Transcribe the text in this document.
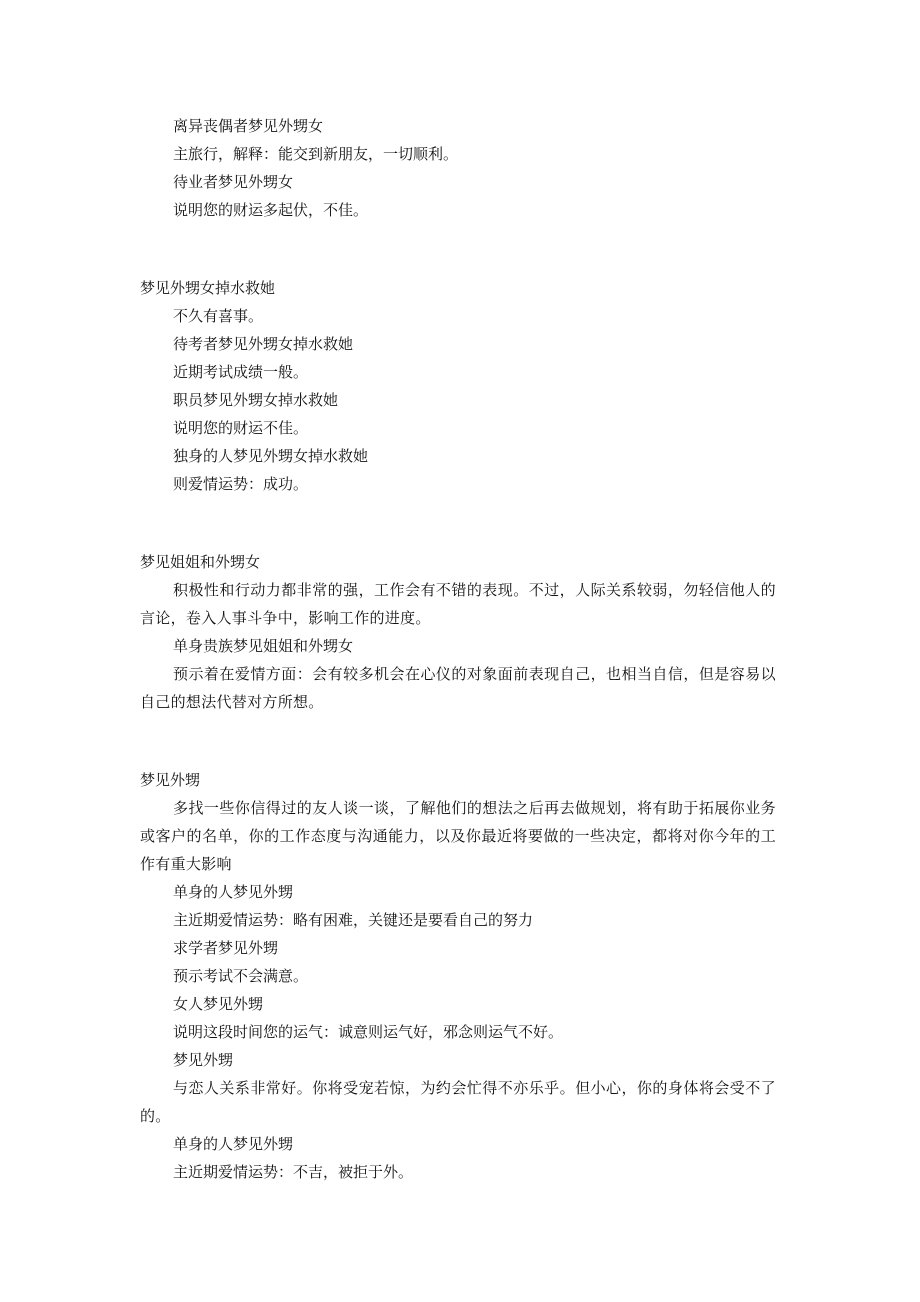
离异丧偶者梦见外甥女

主旅行，解释：能交到新朋友，一切顺利。

待业者梦见外甥女

说明您的财运多起伏，不佳。

梦见外甥女掉水救她

不久有喜事。

待考者梦见外甥女掉水救她

近期考试成绩一般。

职员梦见外甥女掉水救她

说明您的财运不佳。

独身的人梦见外甥女掉水救她

则爱情运势：成功。

梦见姐姐和外甥女

积极性和行动力都非常的强，工作会有不错的表现。不过，人际关系较弱，勿轻信他人的言论，卷入人事斗争中，影响工作的进度。

单身贵族梦见姐姐和外甥女

预示着在爱情方面：会有较多机会在心仪的对象面前表现自己，也相当自信，但是容易以自己的想法代替对方所想。

梦见外甥

多找一些你信得过的友人谈一谈，了解他们的想法之后再去做规划，将有助于拓展你业务或客户的名单，你的工作态度与沟通能力，以及你最近将要做的一些决定，都将对你今年的工作有重大影响

单身的人梦见外甥

主近期爱情运势：略有困难，关键还是要看自己的努力

求学者梦见外甥

预示考试不会满意。

女人梦见外甥

说明这段时间您的运气：诚意则运气好，邪念则运气不好。

梦见外甥

与恋人关系非常好。你将受宠若惊，为约会忙得不亦乐乎。但小心，你的身体将会受不了的。

单身的人梦见外甥

主近期爱情运势：不吉，被拒于外。
